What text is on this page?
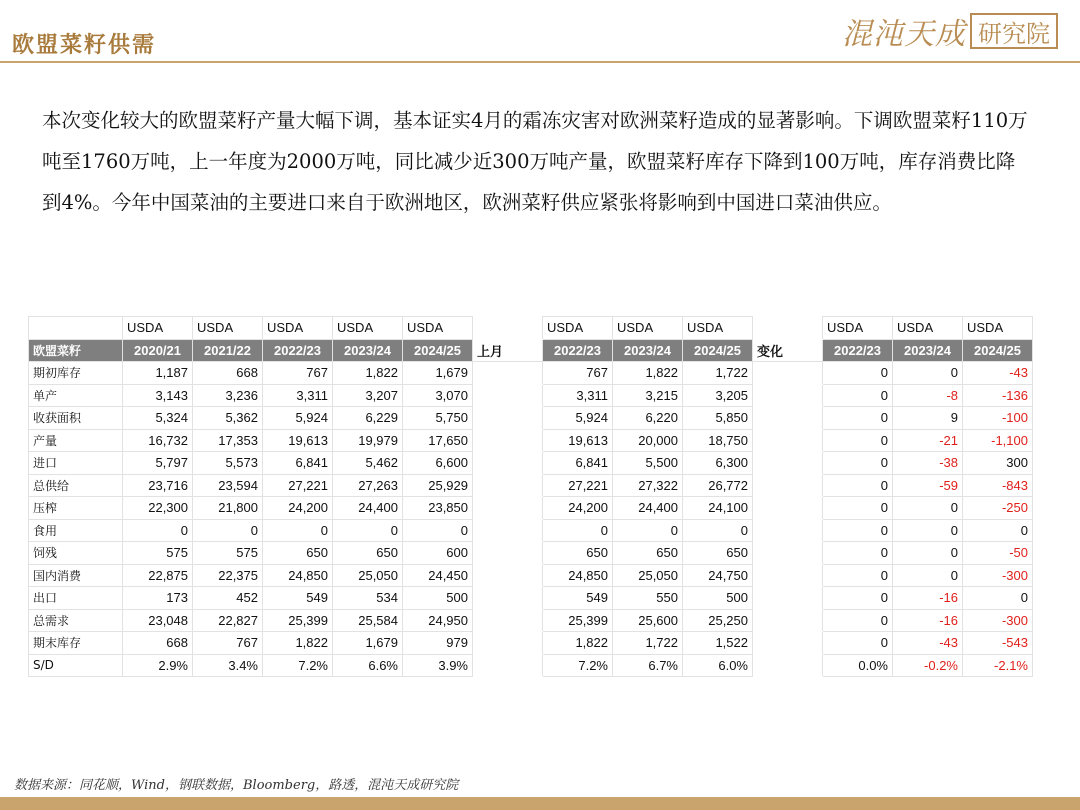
欧盟菜籽供需	混沌天成 研究院
本次变化较大的欧盟菜籽产量大幅下调，基本证实4月的霜冻灾害对欧洲菜籽造成的显著影响。下调欧盟菜籽110万吨至1760万吨，上一年度为2000万吨，同比减少近300万吨产量，欧盟菜籽库存下降到100万吨，库存消费比降到4%。今年中国菜油的主要进口来自于欧洲地区，欧洲菜籽供应紧张将影响到中国进口菜油供应。
	USDA	USDA	USDA	USDA	USDA		USDA	USDA	USDA		USDA	USDA	USDA
欧盟菜籽	2020/21	2021/22	2022/23	2023/24	2024/25	上月	2022/23	2023/24	2024/25	变化	2022/23	2023/24	2024/25
期初库存	1,187	668	767	1,822	1,679		767	1,822	1,722		0	0	-43
单产	3,143	3,236	3,311	3,207	3,070		3,311	3,215	3,205		0	-8	-136
收获面积	5,324	5,362	5,924	6,229	5,750		5,924	6,220	5,850		0	9	-100
产量	16,732	17,353	19,613	19,979	17,650		19,613	20,000	18,750		0	-21	-1,100
进口	5,797	5,573	6,841	5,462	6,600		6,841	5,500	6,300		0	-38	300
总供给	23,716	23,594	27,221	27,263	25,929		27,221	27,322	26,772		0	-59	-843
压榨	22,300	21,800	24,200	24,400	23,850		24,200	24,400	24,100		0	0	-250
食用	0	0	0	0	0		0	0	0		0	0	0
饲残	575	575	650	650	600		650	650	650		0	0	-50
国内消费	22,875	22,375	24,850	25,050	24,450		24,850	25,050	24,750		0	0	-300
出口	173	452	549	534	500		549	550	500		0	-16	0
总需求	23,048	22,827	25,399	25,584	24,950		25,399	25,600	25,250		0	-16	-300
期末库存	668	767	1,822	1,679	979		1,822	1,722	1,522		0	-43	-543
S/D	2.9%	3.4%	7.2%	6.6%	3.9%		7.2%	6.7%	6.0%		0.0%	-0.2%	-2.1%
数据来源：同花顺，Wind，钢联数据，Bloomberg，路透，混沌天成研究院
